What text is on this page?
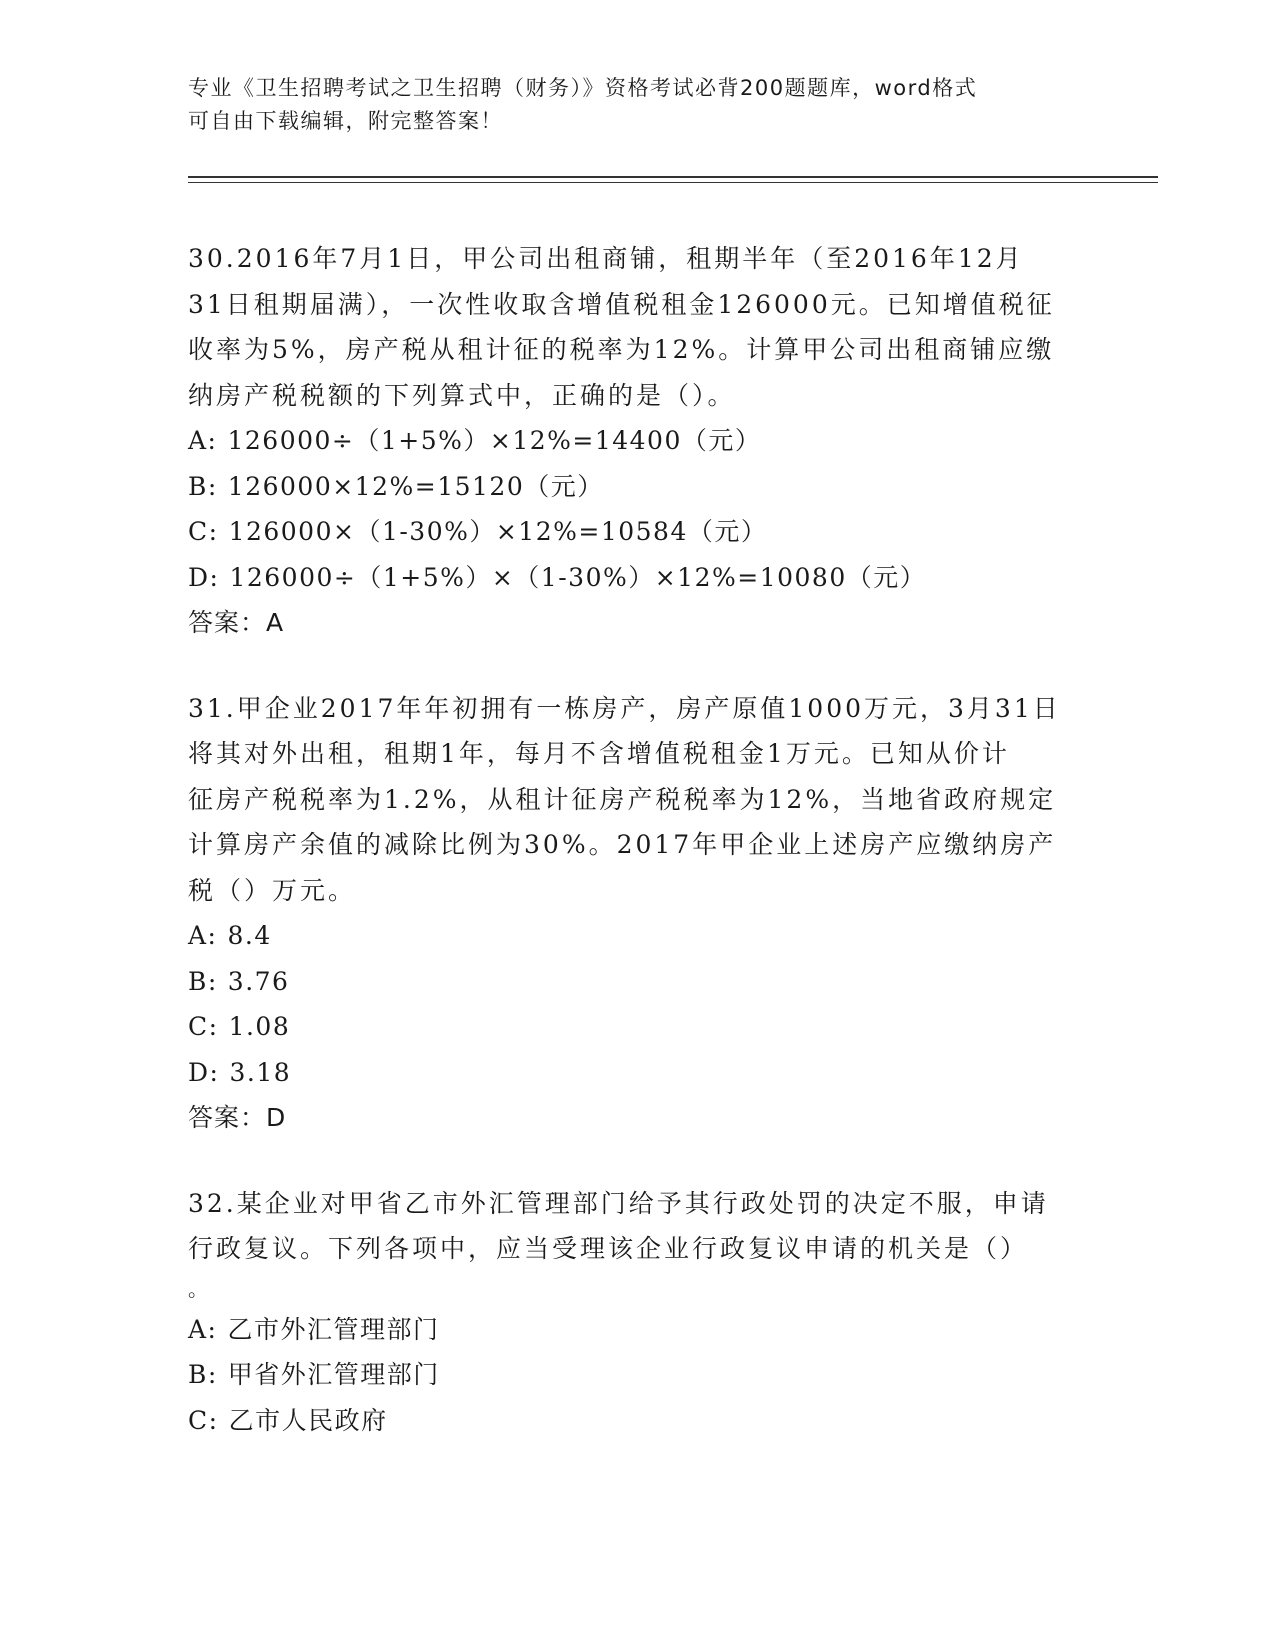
专业《卫生招聘考试之卫生招聘（财务）》资格考试必背200题题库，word格式
可自由下载编辑，附完整答案！
30.2016年7月1日，甲公司出租商铺，租期半年（至2016年12月
31日租期届满），一次性收取含增值税租金126000元。已知增值税征
收率为5%，房产税从租计征的税率为12%。计算甲公司出租商铺应缴
纳房产税税额的下列算式中，正确的是（）。
A: 126000÷（1+5%）×12%=14400（元）
B: 126000×12%=15120（元）
C: 126000×（1-30%）×12%=10584（元）
D: 126000÷（1+5%）×（1-30%）×12%=10080（元）
答案：A
31.甲企业2017年年初拥有一栋房产，房产原值1000万元，3月31日
将其对外出租，租期1年，每月不含增值税租金1万元。已知从价计
征房产税税率为1.2%，从租计征房产税税率为12%，当地省政府规定
计算房产余值的减除比例为30%。2017年甲企业上述房产应缴纳房产
税（）万元。
A: 8.4
B: 3.76
C: 1.08
D: 3.18
答案：D
32.某企业对甲省乙市外汇管理部门给予其行政处罚的决定不服，申请
行政复议。下列各项中，应当受理该企业行政复议申请的机关是（）
。
A: 乙市外汇管理部门
B: 甲省外汇管理部门
C: 乙市人民政府
